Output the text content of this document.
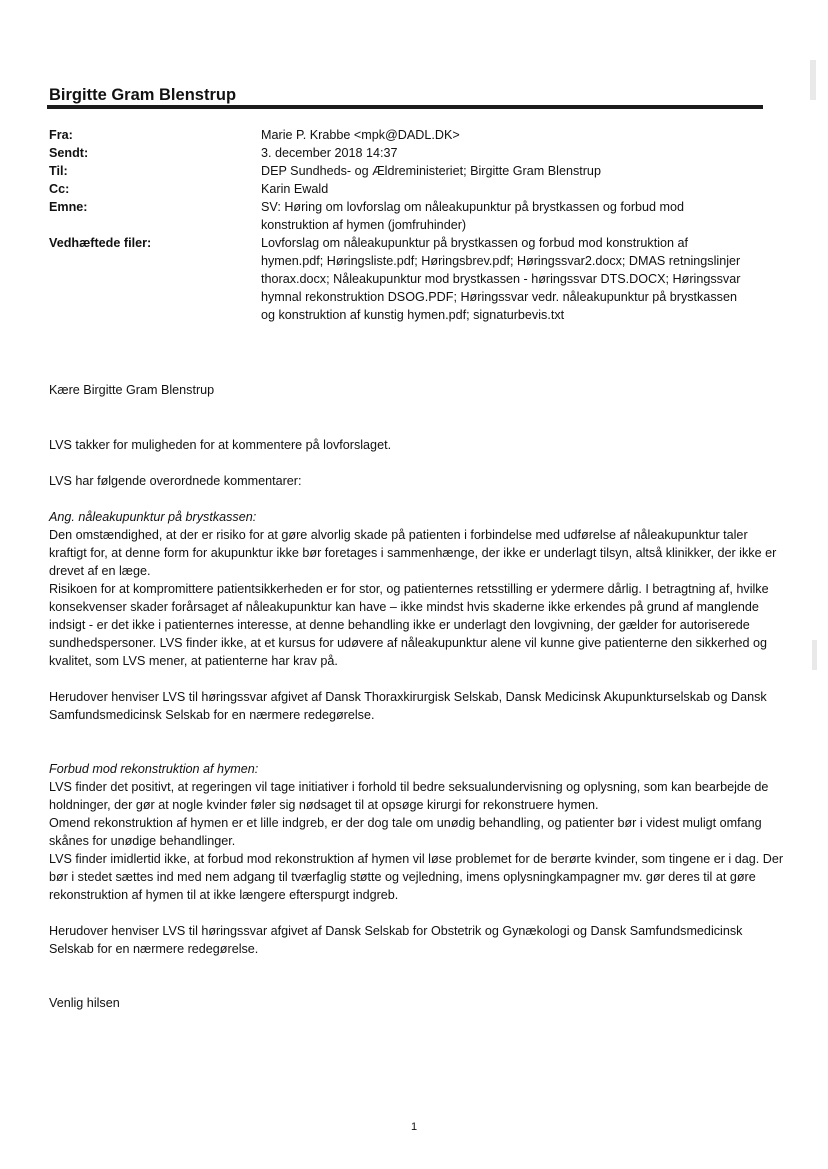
Birgitte Gram Blenstrup
Fra:	Marie P. Krabbe <mpk@DADL.DK>
Sendt:	3. december 2018 14:37
Til:	DEP Sundheds- og Ældreministeriet; Birgitte Gram Blenstrup
Cc:	Karin Ewald
Emne:	SV: Høring om lovforslag om nåleakupunktur på brystkassen og forbud mod konstruktion af hymen (jomfruhinder)
Vedhæftede filer:	Lovforslag om nåleakupunktur på brystkassen og forbud mod konstruktion af hymen.pdf; Høringsliste.pdf; Høringsbrev.pdf; Høringssvar2.docx; DMAS retningslinjer thorax.docx; Nåleakupunktur mod brystkassen - høringssvar DTS.DOCX; Høringssvar hymnal rekonstruktion DSOG.PDF; Høringssvar vedr. nåleakupunktur på brystkassen og konstruktion af kunstig hymen.pdf; signaturbevis.txt

Kære Birgitte Gram Blenstrup

LVS takker for muligheden for at kommentere på lovforslaget.

LVS har følgende overordnede kommentarer:

Ang. nåleakupunktur på brystkassen:

Den omstændighed, at der er risiko for at gøre alvorlig skade på patienten i forbindelse med udførelse af nåleakupunktur taler kraftigt for, at denne form for akupunktur ikke bør foretages i sammenhænge, der ikke er underlagt tilsyn, altså klinikker, der ikke er drevet af en læge.

Risikoen for at kompromittere patientsikkerheden er for stor, og patienternes retsstilling er ydermere dårlig. I betragtning af, hvilke konsekvenser skader forårsaget af nåleakupunktur kan have – ikke mindst hvis skaderne ikke erkendes på grund af manglende indsigt - er det ikke i patienternes interesse, at denne behandling ikke er underlagt den lovgivning, der gælder for autoriserede sundhedspersoner. LVS finder ikke, at et kursus for udøvere af nåleakupunktur alene vil kunne give patienterne den sikkerhed og kvalitet, som LVS mener, at patienterne har krav på.

Herudover henviser LVS til høringssvar afgivet af Dansk Thoraxkirurgisk Selskab, Dansk Medicinsk Akupunkturselskab og Dansk Samfundsmedicinsk Selskab for en nærmere redegørelse.

Forbud mod rekonstruktion af hymen:

LVS finder det positivt, at regeringen vil tage initiativer i forhold til bedre seksualundervisning og oplysning, som kan bearbejde de holdninger, der gør at nogle kvinder føler sig nødsaget til at opsøge kirurgi for rekonstruere hymen.

Omend rekonstruktion af hymen er et lille indgreb, er der dog tale om unødig behandling, og patienter bør i videst muligt omfang skånes for unødige behandlinger.

LVS finder imidlertid ikke, at forbud mod rekonstruktion af hymen vil løse problemet for de berørte kvinder, som tingene er i dag. Der bør i stedet sættes ind med nem adgang til tværfaglig støtte og vejledning, imens oplysningkampagner mv. gør deres til at gøre rekonstruktion af hymen til at ikke længere efterspurgt indgreb.

Herudover henviser LVS til høringssvar afgivet af Dansk Selskab for Obstetrik og Gynækologi og Dansk Samfundsmedicinsk Selskab for en nærmere redegørelse.

Venlig hilsen

1
